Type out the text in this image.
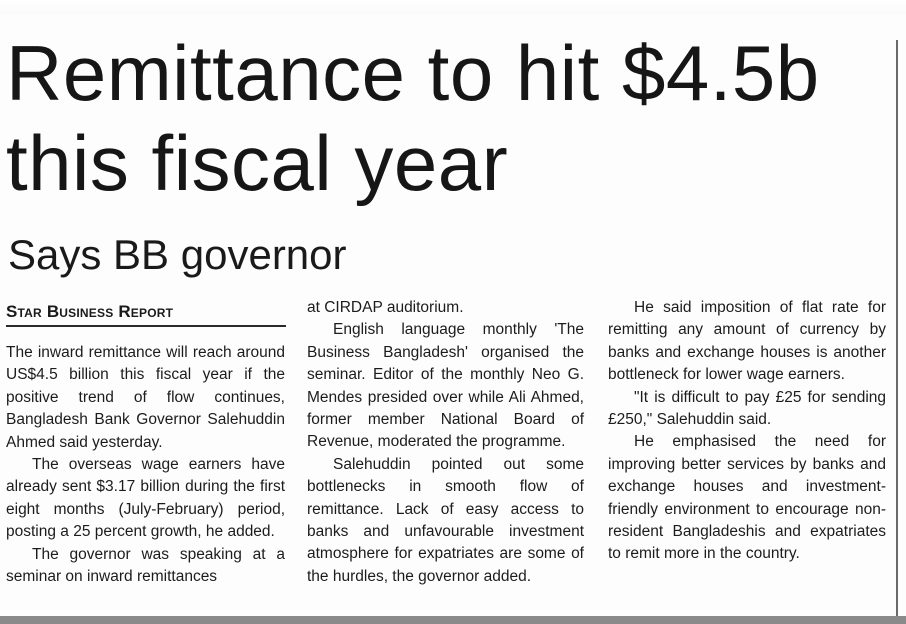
Remittance to hit $4.5b
this fiscal year
Says BB governor
Star Business Report

The inward remittance will reach around US$4.5 billion this fiscal year if the positive trend of flow continues, Bangladesh Bank Governor Salehuddin Ahmed said yesterday.

The overseas wage earners have already sent $3.17 billion during the first eight months (July-February) period, posting a 25 percent growth, he added.

The governor was speaking at a seminar on inward remittances

at CIRDAP auditorium.

English language monthly 'The Business Bangladesh' organised the seminar. Editor of the monthly Neo G. Mendes presided over while Ali Ahmed, former member National Board of Revenue, moderated the programme.

Salehuddin pointed out some bottlenecks in smooth flow of remittance. Lack of easy access to banks and unfavourable investment atmosphere for expatriates are some of the hurdles, the governor added.

He said imposition of flat rate for remitting any amount of currency by banks and exchange houses is another bottleneck for lower wage earners.

"It is difficult to pay £25 for sending £250," Salehuddin said.

He emphasised the need for improving better services by banks and exchange houses and investment-friendly environment to encourage non-resident Bangladeshis and expatriates to remit more in the country.
